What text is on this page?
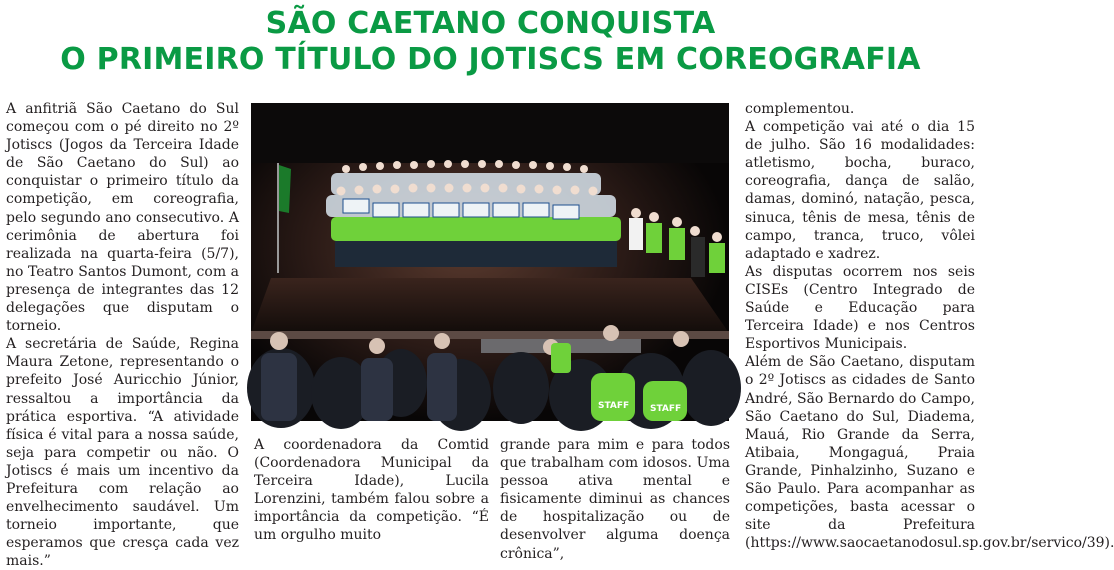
SÃO CAETANO CONQUISTA
O PRIMEIRO TÍTULO DO JOTISCS EM COREOGRAFIA

A anfitriã São Caetano do Sul começou com o pé direito no 2º Jotiscs (Jogos da Terceira Idade de São Caetano do Sul) ao conquistar o primeiro título da competição, em coreografia, pelo segundo ano consecutivo. A cerimônia de abertura foi realizada na quarta-feira (5/7), no Teatro Santos Dumont, com a presença de integrantes das 12 delegações que disputam o torneio.

A secretária de Saúde, Regina Maura Zetone, representando o prefeito José Auricchio Júnior, ressaltou a importância da prática esportiva. “A atividade física é vital para a nossa saúde, seja para competir ou não. O Jotiscs é mais um incentivo da Prefeitura com relação ao envelhecimento saudável. Um torneio importante, que esperamos que cresça cada vez mais.”

STAFF STAFF

A coordenadora da Comtid (Coordenadora Municipal da Terceira Idade), Lucila Lorenzini, também falou sobre a importância da competição. “É um orgulho muito

grande para mim e para todos que trabalham com idosos. Uma pessoa ativa mental e fisicamente diminui as chances de hospitalização ou de desenvolver alguma doença crônica”,

complementou.

A competição vai até o dia 15 de julho. São 16 modalidades: atletismo, bocha, buraco, coreografia, dança de salão, damas, dominó, natação, pesca, sinuca, tênis de mesa, tênis de campo, tranca, truco, vôlei adaptado e xadrez.

As disputas ocorrem nos seis CISEs (Centro Integrado de Saúde e Educação para Terceira Idade) e nos Centros Esportivos Municipais.

Além de São Caetano, disputam o 2º Jotiscs as cidades de Santo André, São Bernardo do Campo, São Caetano do Sul, Diadema, Mauá, Rio Grande da Serra, Atibaia, Mongaguá, Praia Grande, Pinhalzinho, Suzano e São Paulo. Para acompanhar as competições, basta acessar o site da Prefeitura (https://www.saocaetanodosul.sp.gov.br/servico/39).
